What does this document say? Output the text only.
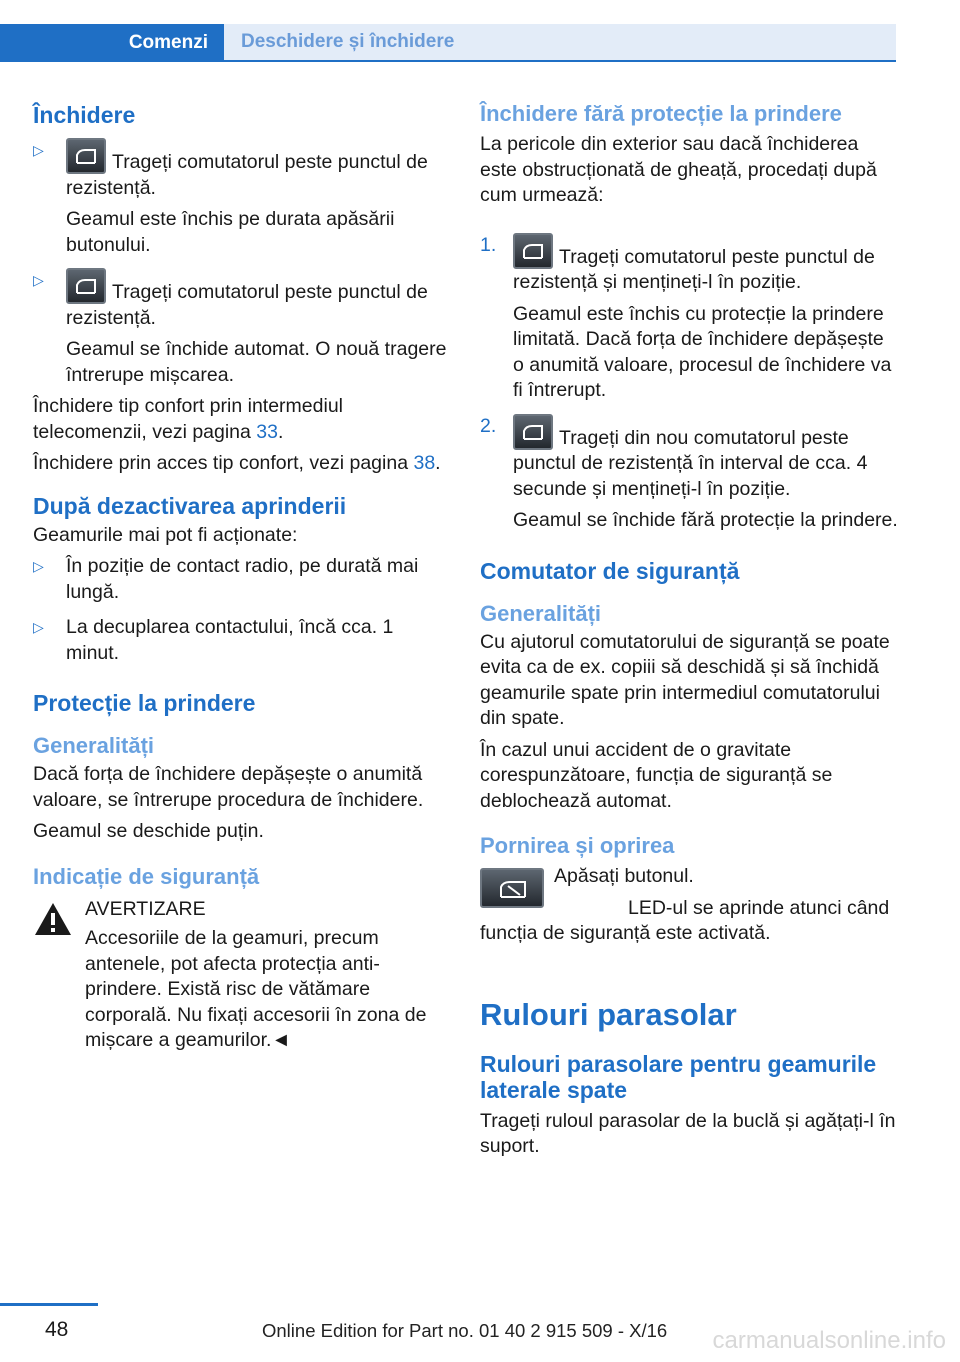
Comenzi	Deschidere și închidere
Închidere
▷

Trageți comutatorul peste punctul de rezistență.

Geamul este închis pe durata apăsării butonului.

▷

Trageți comutatorul peste punctul de rezistență.

Geamul se închide automat. O nouă tragere întrerupe mișcarea.

Închidere tip confort prin intermediul telecomenzii, vezi pagina 33.

Închidere prin acces tip confort, vezi pagina 38.

După dezactivarea aprinderii

Geamurile mai pot fi acționate:

▷ În poziție de contact radio, pe durată mai lungă.

▷ La decuplarea contactului, încă cca. 1 minut.

Protecție la prindere
Generalități

Dacă forța de închidere depășește o anumită valoare, se întrerupe procedura de închidere.

Geamul se deschide puțin.

Indicație de siguranță

AVERTIZARE

Accesoriile de la geamuri, precum antenele, pot afecta protecția anti-prindere. Există risc de vătămare corporală. Nu fixați accesorii în zona de mișcare a geamurilor.◄

Închidere fără protecție la prindere

La pericole din exterior sau dacă închiderea este obstrucționată de gheață, procedați după cum urmează:

1.

Trageți comutatorul peste punctul de rezistență și mențineți-l în poziție.

Geamul este închis cu protecție la prindere limitată. Dacă forța de închidere depășește o anumită valoare, procesul de închidere va fi întrerupt.

2.

Trageți din nou comutatorul peste punctul de rezistență în interval de cca. 4 secunde și mențineți-l în poziție.

Geamul se închide fără protecție la prindere.

Comutator de siguranță
Generalități

Cu ajutorul comutatorului de siguranță se poate evita ca de ex. copiii să deschidă și să închidă geamurile spate prin intermediul comutatorului din spate.

În cazul unui accident de o gravitate corespunzătoare, funcția de siguranță se deblochează automat.

Pornirea și oprirea

Apăsați butonul.

LED-ul se aprinde atunci când funcția de siguranță este activată.

Rulouri parasolar
Rulouri parasolare pentru geamurile laterale spate

Trageți ruloul parasolar de la buclă și agățați-l în suport.

48	Online Edition for Part no. 01 40 2 915 509 - X/16 carmanualsonline.info
